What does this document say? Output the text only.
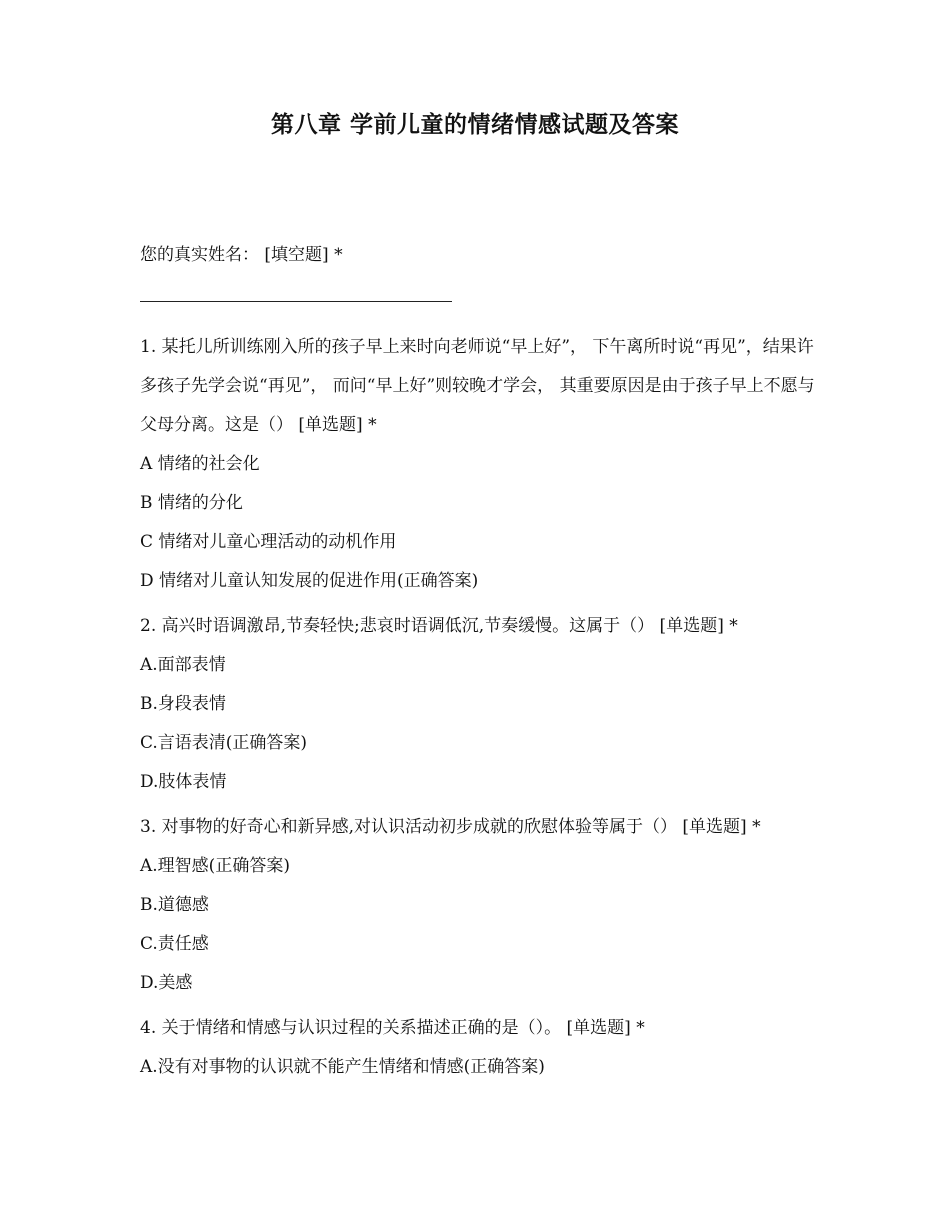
第八章 学前儿童的情绪情感试题及答案

您的真实姓名： [填空题] *

1. 某托儿所训练刚入所的孩子早上来时向老师说“早上好”， 下午离所时说“再见”，结果许多孩子先学会说“再见”， 而问“早上好”则较晚才学会， 其重要原因是由于孩子早上不愿与父母分离。这是（） [单选题] *

A 情绪的社会化

B 情绪的分化

C 情绪对儿童心理活动的动机作用

D 情绪对儿童认知发展的促进作用(正确答案)

2. 高兴时语调激昂,节奏轻快;悲哀时语调低沉,节奏缓慢。这属于（） [单选题] *

A.面部表情

B.身段表情

C.言语表清(正确答案)

D.肢体表情

3. 对事物的好奇心和新异感,对认识活动初步成就的欣慰体验等属于（） [单选题] *

A.理智感(正确答案)

B.道德感

C.责任感

D.美感

4. 关于情绪和情感与认识过程的关系描述正确的是（）。 [单选题] *

A.没有对事物的认识就不能产生情绪和情感(正确答案)
